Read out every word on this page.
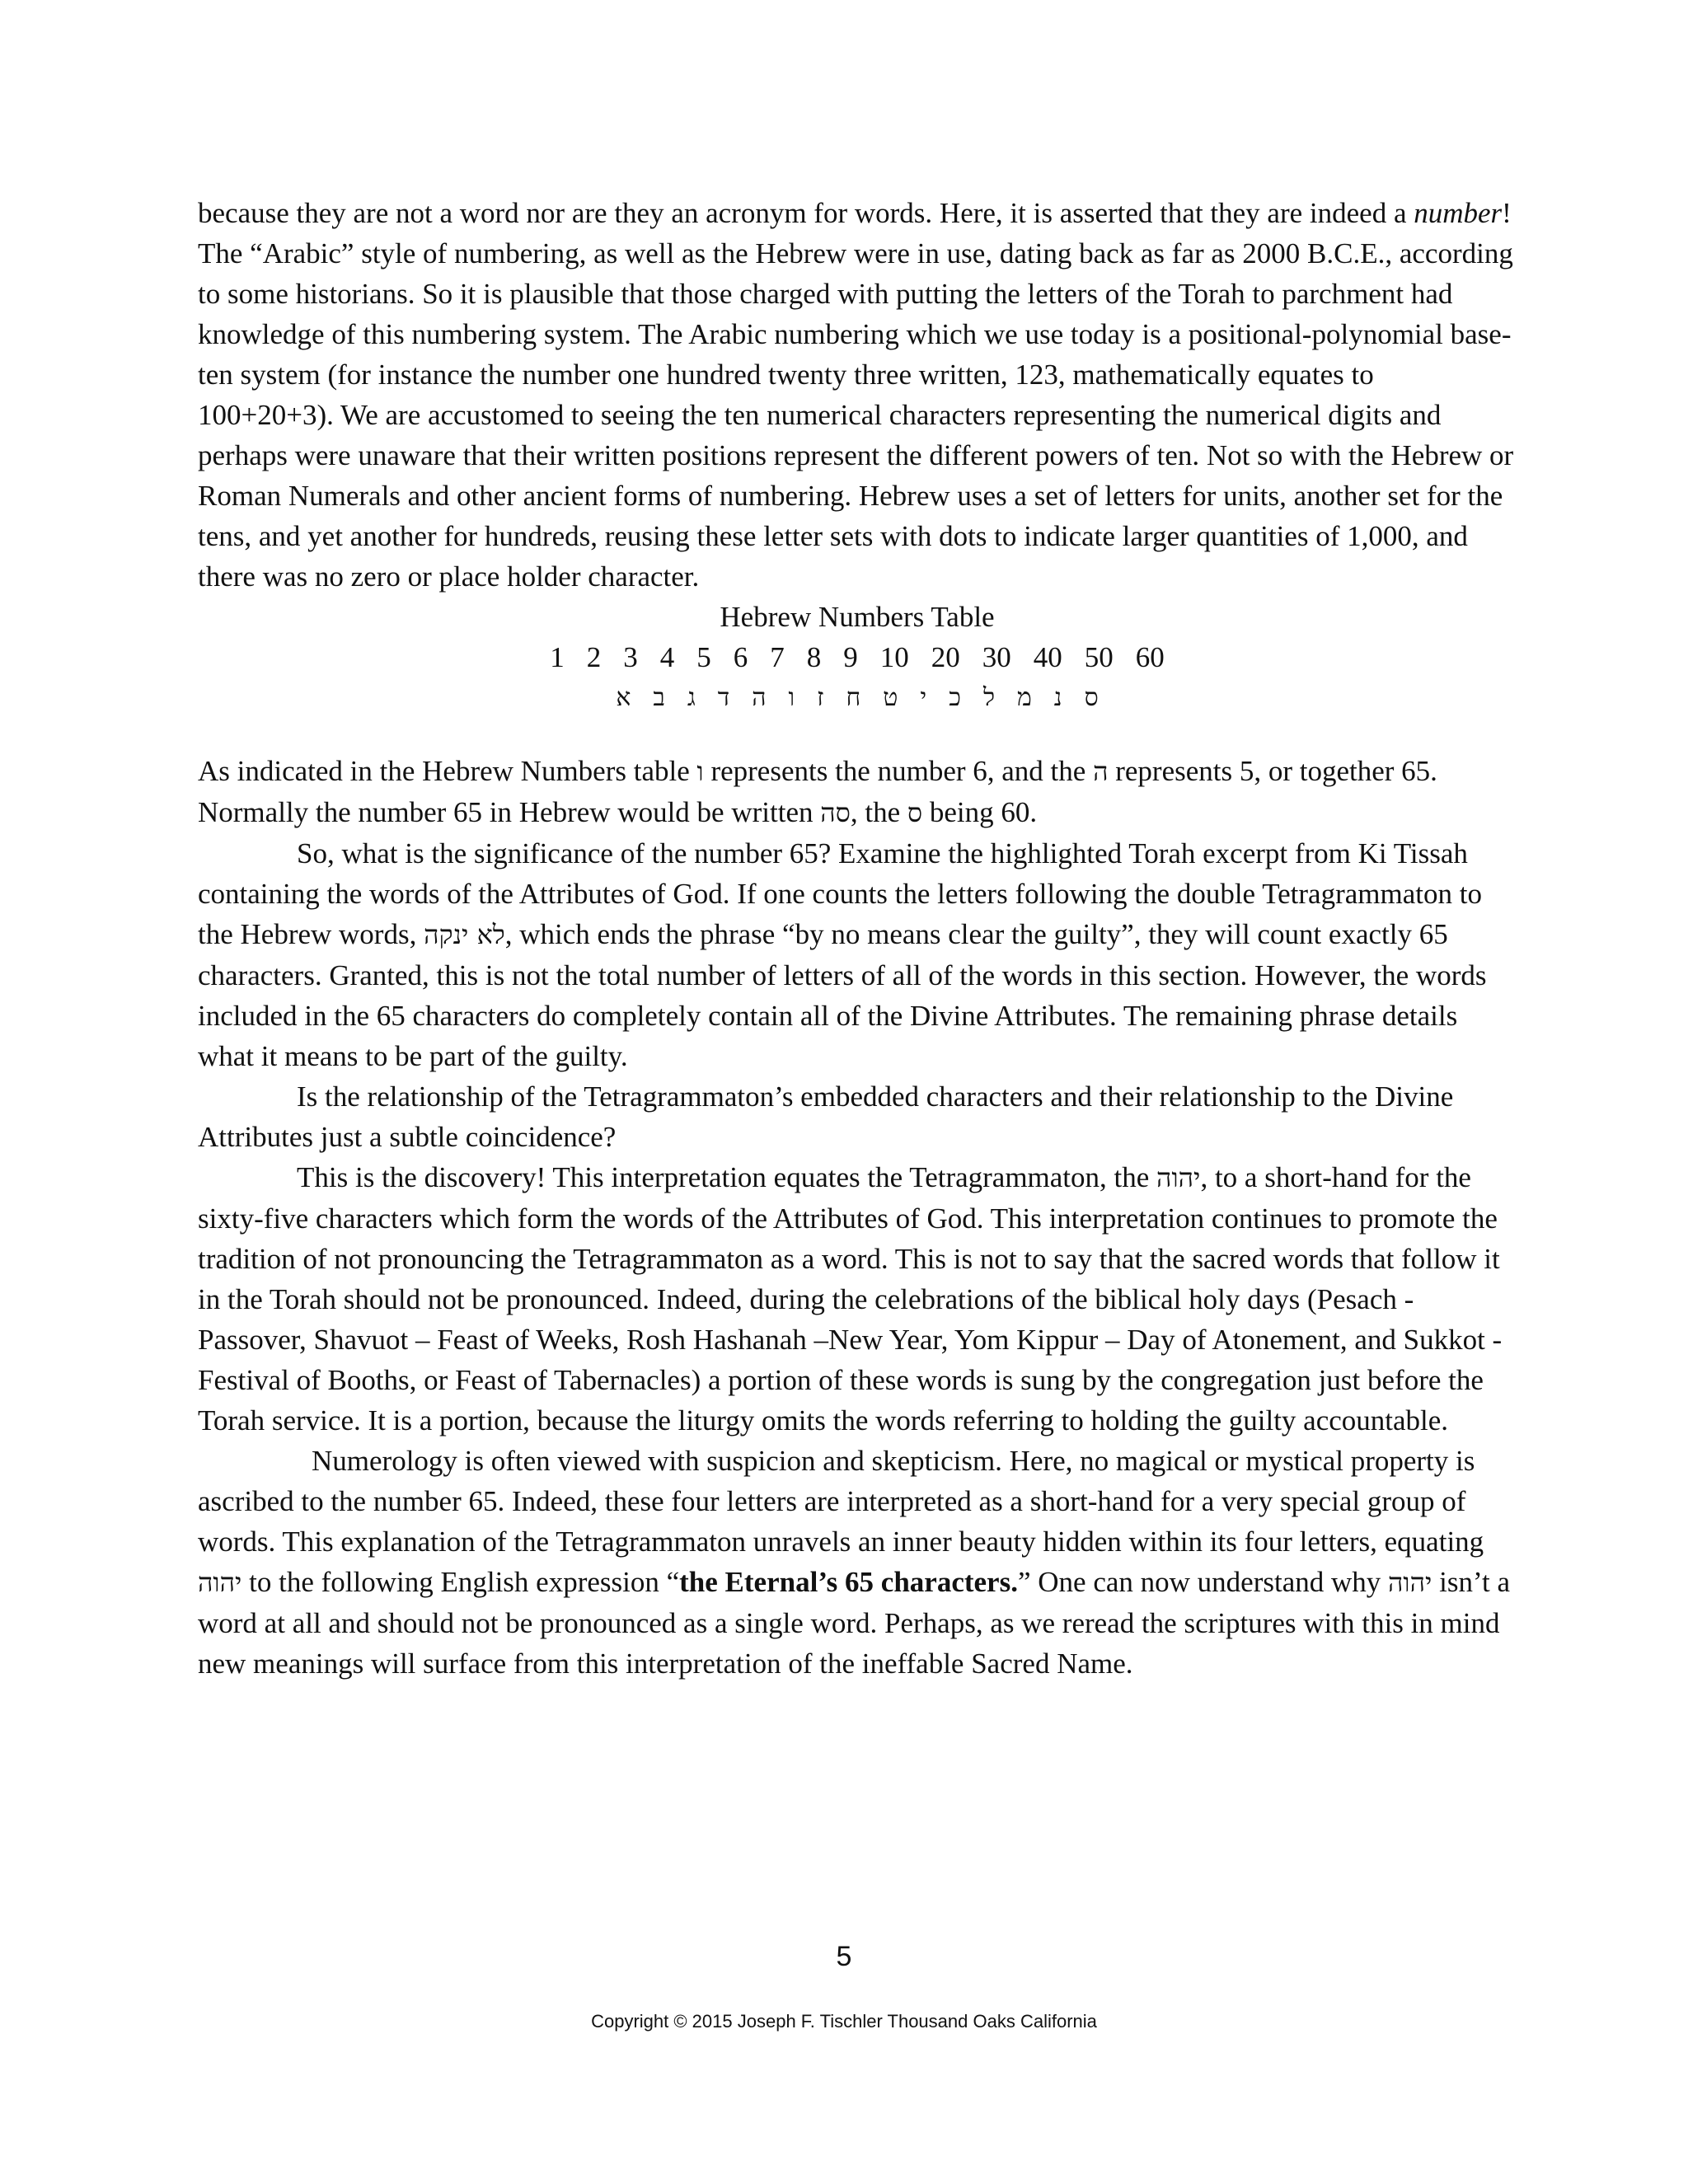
because they are not a word nor are they an acronym for words. Here, it is asserted that they are indeed a number! The “Arabic” style of numbering, as well as the Hebrew were in use, dating back as far as 2000 B.C.E., according to some historians. So it is plausible that those charged with putting the letters of the Torah to parchment had knowledge of this numbering system. The Arabic numbering which we use today is a positional-polynomial base-ten system (for instance the number one hundred twenty three written, 123, mathematically equates to 100+20+3). We are accustomed to seeing the ten numerical characters representing the numerical digits and perhaps were unaware that their written positions represent the different powers of ten. Not so with the Hebrew or Roman Numerals and other ancient forms of numbering. Hebrew uses a set of letters for units, another set for the tens, and yet another for hundreds, reusing these letter sets with dots to indicate larger quantities of 1,000, and there was no zero or place holder character.

Hebrew Numbers Table

1 2 3 4 5 6 7 8 9 10 20 30 40 50 60
א ב ג ד ה ו ז ח ט י כ ל מ נ ס

As indicated in the Hebrew Numbers table ו represents the number 6, and the ה represents 5, or together 65. Normally the number 65 in Hebrew would be written סה, the ס being 60.

So, what is the significance of the number 65? Examine the highlighted Torah excerpt from Ki Tissah containing the words of the Attributes of God. If one counts the letters following the double Tetragrammaton to the Hebrew words, לא ינקה, which ends the phrase “by no means clear the guilty”, they will count exactly 65 characters. Granted, this is not the total number of letters of all of the words in this section. However, the words included in the 65 characters do completely contain all of the Divine Attributes. The remaining phrase details what it means to be part of the guilty.

Is the relationship of the Tetragrammaton’s embedded characters and their relationship to the Divine Attributes just a subtle coincidence?

This is the discovery! This interpretation equates the Tetragrammaton, the יהוה, to a short-hand for the sixty-five characters which form the words of the Attributes of God. This interpretation continues to promote the tradition of not pronouncing the Tetragrammaton as a word. This is not to say that the sacred words that follow it in the Torah should not be pronounced. Indeed, during the celebrations of the biblical holy days (Pesach - Passover, Shavuot – Feast of Weeks, Rosh Hashanah –New Year, Yom Kippur – Day of Atonement, and Sukkot - Festival of Booths, or Feast of Tabernacles) a portion of these words is sung by the congregation just before the Torah service. It is a portion, because the liturgy omits the words referring to holding the guilty accountable.

Numerology is often viewed with suspicion and skepticism. Here, no magical or mystical property is ascribed to the number 65. Indeed, these four letters are interpreted as a short-hand for a very special group of words. This explanation of the Tetragrammaton unravels an inner beauty hidden within its four letters, equating יהוה to the following English expression “the Eternal’s 65 characters.” One can now understand why יהוה isn’t a word at all and should not be pronounced as a single word. Perhaps, as we reread the scriptures with this in mind new meanings will surface from this interpretation of the ineffable Sacred Name.

5
Copyright © 2015 Joseph F. Tischler Thousand Oaks California
